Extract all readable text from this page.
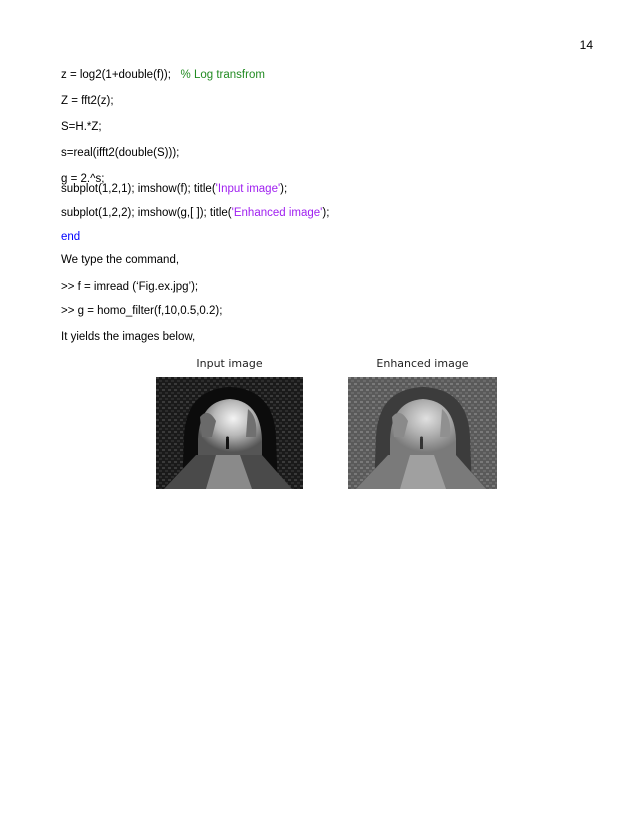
14
z = log2(1+double(f));   % Log transfrom
Z = fft2(z);
S=H.*Z;
s=real(ifft2(double(S)));
g = 2.^s;
subplot(1,2,1); imshow(f); title('Input image');
subplot(1,2,2); imshow(g,[ ]); title('Enhanced image');
end
We type the command,
>> f = imread (‘Fig.ex.jpg’);
>> g = homo_filter(f,10,0.5,0.2);
It yields the images below,
Input image	Enhanced image
